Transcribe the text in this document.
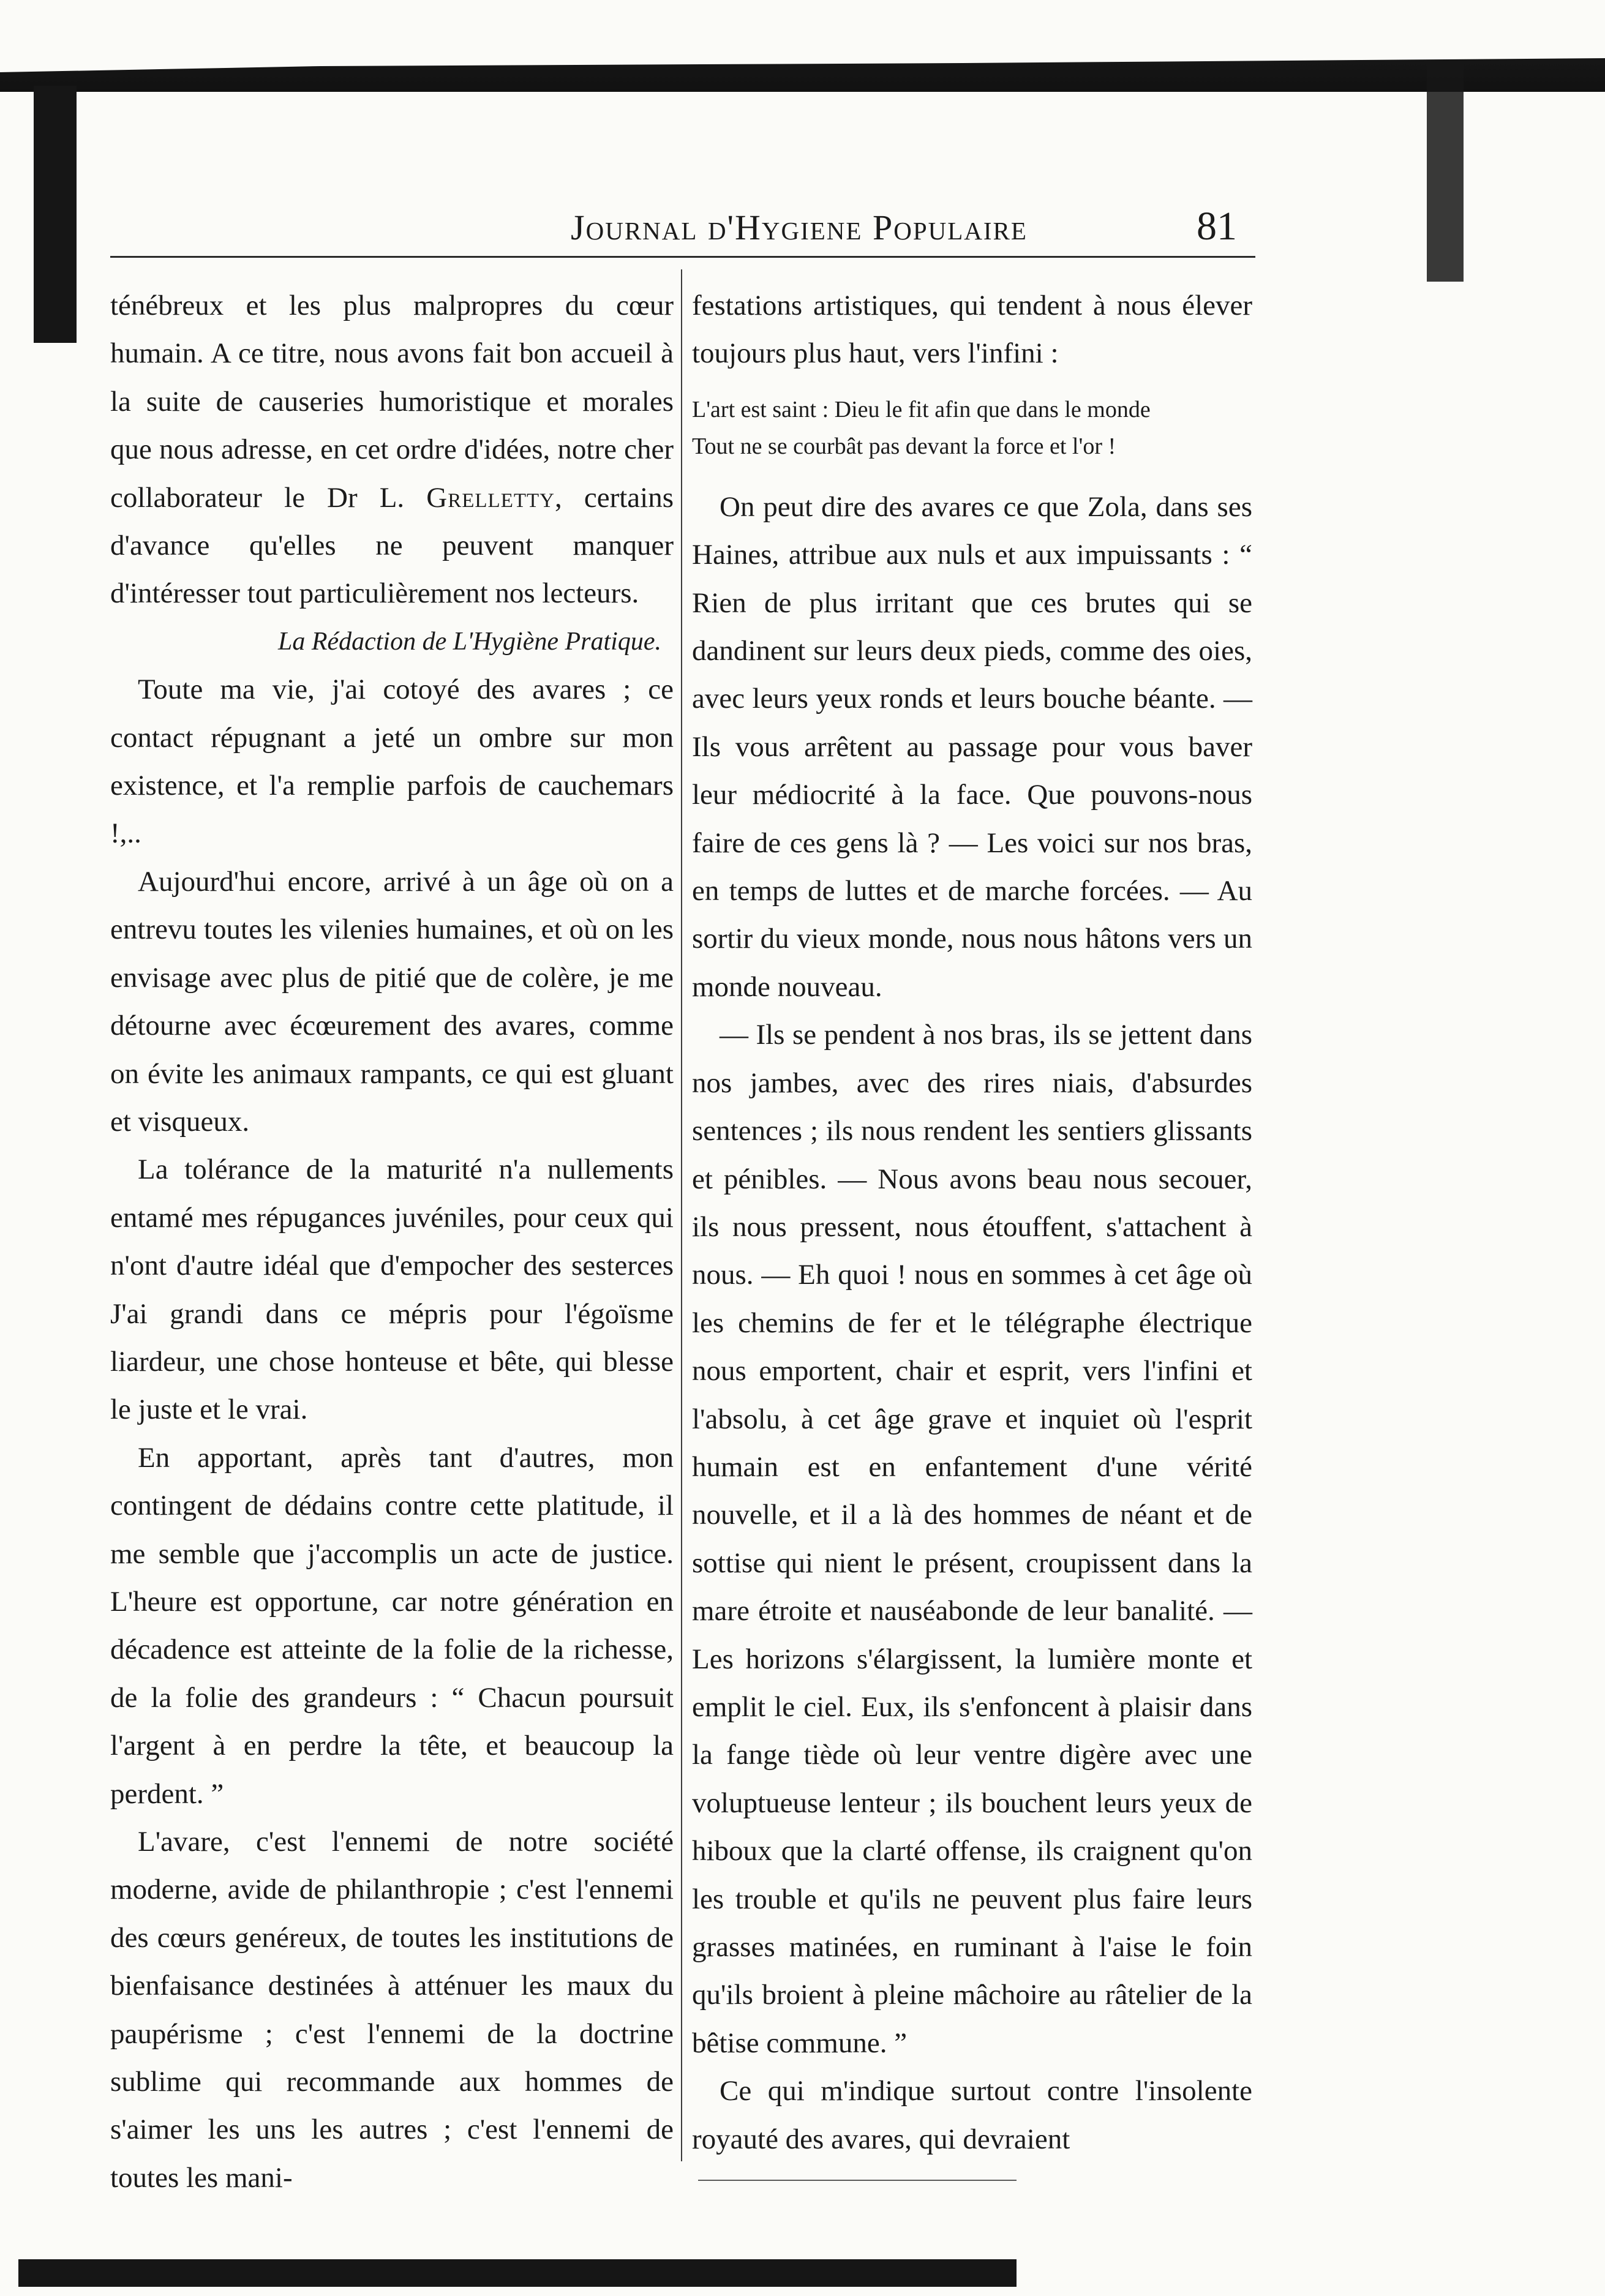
Journal d'Hygiene Populaire	81

ténébreux et les plus malpropres du cœur humain. A ce titre, nous avons fait bon accueil à la suite de causeries humoristique et morales que nous adresse, en cet ordre d'idées, notre cher collaborateur le Dr L. Grelletty, certains d'avance qu'elles ne peuvent manquer d'intéresser tout particulièrement nos lecteurs.

La Rédaction de L'Hygiène Pratique.

Toute ma vie, j'ai cotoyé des avares ; ce contact répugnant a jeté un ombre sur mon existence, et l'a remplie parfois de cauchemars !,..

Aujourd'hui encore, arrivé à un âge où on a entrevu toutes les vilenies humaines, et où on les envisage avec plus de pitié que de colère, je me détourne avec écœurement des avares, comme on évite les animaux rampants, ce qui est gluant et visqueux.

La tolérance de la maturité n'a nullements entamé mes répugances juvéniles, pour ceux qui n'ont d'autre idéal que d'empocher des sesterces J'ai grandi dans ce mépris pour l'égoïsme liardeur, une chose honteuse et bête, qui blesse le juste et le vrai.

En apportant, après tant d'autres, mon contingent de dédains contre cette platitude, il me semble que j'accomplis un acte de justice. L'heure est opportune, car notre génération en décadence est atteinte de la folie de la richesse, de la folie des grandeurs : “ Chacun poursuit l'argent à en perdre la tête, et beaucoup la perdent. ”

L'avare, c'est l'ennemi de notre société moderne, avide de philanthropie ; c'est l'ennemi des cœurs genéreux, de toutes les institutions de bienfaisance destinées à atténuer les maux du paupérisme ; c'est l'ennemi de la doctrine sublime qui recommande aux hommes de s'aimer les uns les autres ; c'est l'ennemi de toutes les mani-

festations artistiques, qui tendent à nous élever toujours plus haut, vers l'infini :

L'art est saint : Dieu le fit afin que dans le monde
Tout ne se courbât pas devant la force et l'or !

On peut dire des avares ce que Zola, dans ses Haines, attribue aux nuls et aux impuissants : “ Rien de plus irritant que ces brutes qui se dandinent sur leurs deux pieds, comme des oies, avec leurs yeux ronds et leurs bouche béante. — Ils vous arrêtent au passage pour vous baver leur médiocrité à la face. Que pouvons-nous faire de ces gens là ? — Les voici sur nos bras, en temps de luttes et de marche forcées. — Au sortir du vieux monde, nous nous hâtons vers un monde nouveau.

— Ils se pendent à nos bras, ils se jettent dans nos jambes, avec des rires niais, d'absurdes sentences ; ils nous rendent les sentiers glissants et pénibles. — Nous avons beau nous secouer, ils nous pressent, nous étouffent, s'attachent à nous. — Eh quoi ! nous en sommes à cet âge où les chemins de fer et le télégraphe électrique nous emportent, chair et esprit, vers l'infini et l'absolu, à cet âge grave et inquiet où l'esprit humain est en enfantement d'une vérité nouvelle, et il a là des hommes de néant et de sottise qui nient le présent, croupissent dans la mare étroite et nauséabonde de leur banalité. — Les horizons s'élargissent, la lumière monte et emplit le ciel. Eux, ils s'enfoncent à plaisir dans la fange tiède où leur ventre digère avec une voluptueuse lenteur ; ils bouchent leurs yeux de hiboux que la clarté offense, ils craignent qu'on les trouble et qu'ils ne peuvent plus faire leurs grasses matinées, en ruminant à l'aise le foin qu'ils broient à pleine mâchoire au râtelier de la bêtise commune. ”

Ce qui m'indique surtout contre l'insolente royauté des avares, qui devraient
